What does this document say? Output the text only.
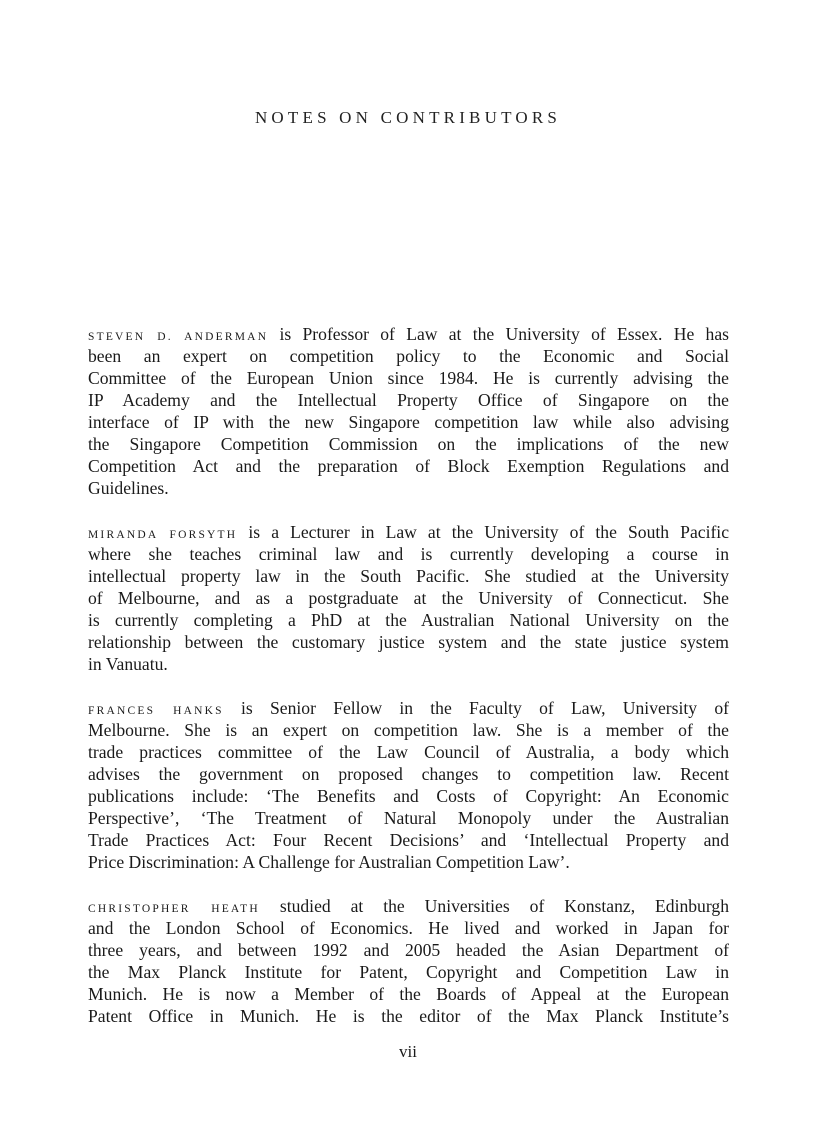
NOTES ON CONTRIBUTORS
STEVEN D. ANDERMAN is Professor of Law at the University of Essex. He has
been an expert on competition policy to the Economic and Social
Committee of the European Union since 1984. He is currently advising the
IP Academy and the Intellectual Property Office of Singapore on the
interface of IP with the new Singapore competition law while also advising
the Singapore Competition Commission on the implications of the new
Competition Act and the preparation of Block Exemption Regulations and
Guidelines.
MIRANDA FORSYTH is a Lecturer in Law at the University of the South Pacific
where she teaches criminal law and is currently developing a course in
intellectual property law in the South Pacific. She studied at the University
of Melbourne, and as a postgraduate at the University of Connecticut. She
is currently completing a PhD at the Australian National University on the
relationship between the customary justice system and the state justice system
in Vanuatu.
FRANCES HANKS is Senior Fellow in the Faculty of Law, University of
Melbourne. She is an expert on competition law. She is a member of the
trade practices committee of the Law Council of Australia, a body which
advises the government on proposed changes to competition law. Recent
publications include: ‘The Benefits and Costs of Copyright: An Economic
Perspective’, ‘The Treatment of Natural Monopoly under the Australian
Trade Practices Act: Four Recent Decisions’ and ‘Intellectual Property and
Price Discrimination: A Challenge for Australian Competition Law’.
CHRISTOPHER HEATH studied at the Universities of Konstanz, Edinburgh
and the London School of Economics. He lived and worked in Japan for
three years, and between 1992 and 2005 headed the Asian Department of
the Max Planck Institute for Patent, Copyright and Competition Law in
Munich. He is now a Member of the Boards of Appeal at the European
Patent Office in Munich. He is the editor of the Max Planck Institute’s
vii
